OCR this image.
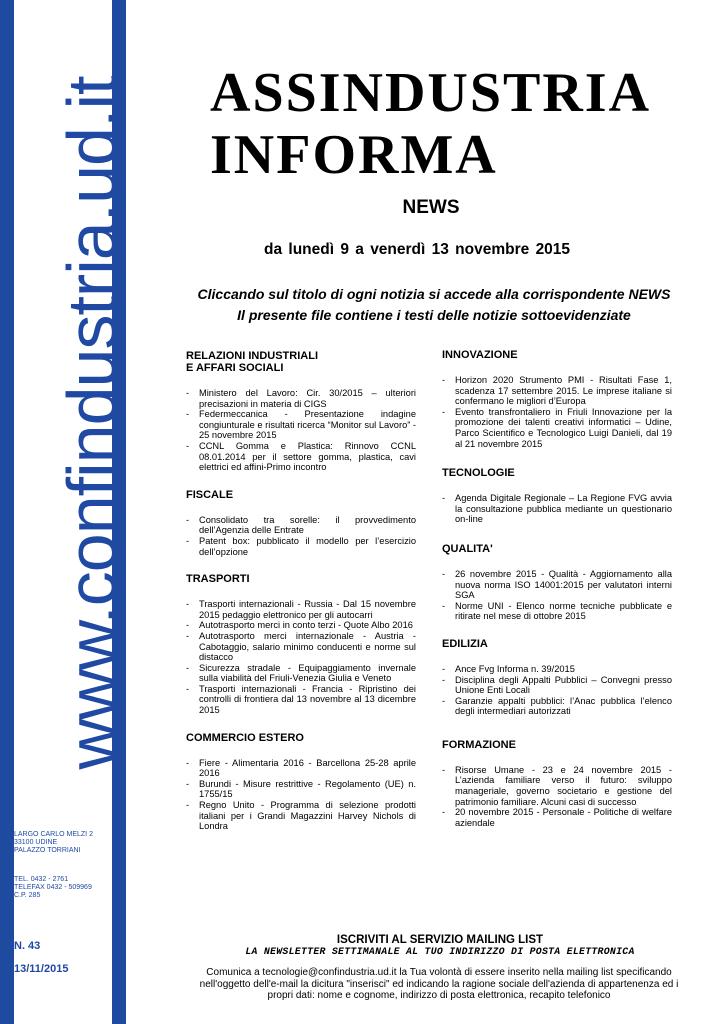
www.confindustria.ud.it
LARGO CARLO MELZI 2
33100 UDINE
PALAZZO TORRIANI
TEL. 0432 - 2761
TELEFAX 0432 - 509969
C.P. 285
N. 43
13/11/2015
ASSINDUSTRIA
INFORMA
NEWS
da lunedì 9 a venerdì 13 novembre 2015
Cliccando sul titolo di ogni notizia si accede alla corrispondente NEWS
Il presente file contiene i testi delle notizie sottoevidenziate
RELAZIONI INDUSTRIALI
E AFFARI SOCIALI
- Ministero del Lavoro: Cir. 30/2015 – ulteriori precisazioni in materia di CIGS
- Federmeccanica - Presentazione indagine congiunturale e risultati ricerca “Monitor sul Lavoro” - 25 novembre 2015
- CCNL Gomma e Plastica: Rinnovo CCNL 08.01.2014 per il settore gomma, plastica, cavi elettrici ed affini-Primo incontro
FISCALE
- Consolidato tra sorelle: il provvedimento dell’Agenzia delle Entrate
- Patent box: pubblicato il modello per l’esercizio dell’opzione
TRASPORTI
- Trasporti internazionali - Russia - Dal 15 novembre 2015 pedaggio elettronico per gli autocarri
- Autotrasporto merci in conto terzi - Quote Albo 2016
- Autotrasporto merci internazionale - Austria - Cabotaggio, salario minimo conducenti e norme sul distacco
- Sicurezza stradale - Equipaggiamento invernale sulla viabilità del Friuli-Venezia Giulia e Veneto
- Trasporti internazionali - Francia - Ripristino dei controlli di frontiera dal 13 novembre al 13 dicembre 2015
COMMERCIO ESTERO
- Fiere - Alimentaria 2016 - Barcellona 25-28 aprile 2016
- Burundi - Misure restrittive - Regolamento (UE) n. 1755/15
- Regno Unito - Programma di selezione prodotti italiani per i Grandi Magazzini Harvey Nichols di Londra
INNOVAZIONE
- Horizon 2020 Strumento PMI - Risultati Fase 1, scadenza 17 settembre 2015. Le imprese italiane si confermano le migliori d’Europa
- Evento transfrontaliero in Friuli Innovazione per la promozione dei talenti creativi informatici – Udine, Parco Scientifico e Tecnologico Luigi Danieli, dal 19 al 21 novembre 2015
TECNOLOGIE
- Agenda Digitale Regionale – La Regione FVG avvia la consultazione pubblica mediante un questionario on-line
QUALITA'
- 26 novembre 2015 - Qualità - Aggiornamento alla nuova norma ISO 14001:2015 per valutatori interni SGA
- Norme UNI - Elenco norme tecniche pubblicate e ritirate nel mese di ottobre 2015
EDILIZIA
- Ance Fvg Informa n. 39/2015
- Disciplina degli Appalti Pubblici – Convegni presso Unione Enti Locali
- Garanzie appalti pubblici: l’Anac pubblica l’elenco degli intermediari autorizzati
FORMAZIONE
- Risorse Umane - 23 e 24 novembre 2015 - L’azienda familiare verso il futuro: sviluppo manageriale, governo societario e gestione del patrimonio familiare. Alcuni casi di successo
- 20 novembre 2015 - Personale - Politiche di welfare aziendale
ISCRIVITI AL SERVIZIO MAILING LIST
LA NEWSLETTER SETTIMANALE AL TUO INDIRIZZO DI POSTA ELETTRONICA
Comunica a tecnologie@confindustria.ud.it la Tua volontà di essere inserito nella mailing list specificando nell'oggetto dell'e-mail la dicitura "inserisci" ed indicando la ragione sociale dell'azienda di appartenenza ed i propri dati: nome e cognome, indirizzo di posta elettronica, recapito telefonico
